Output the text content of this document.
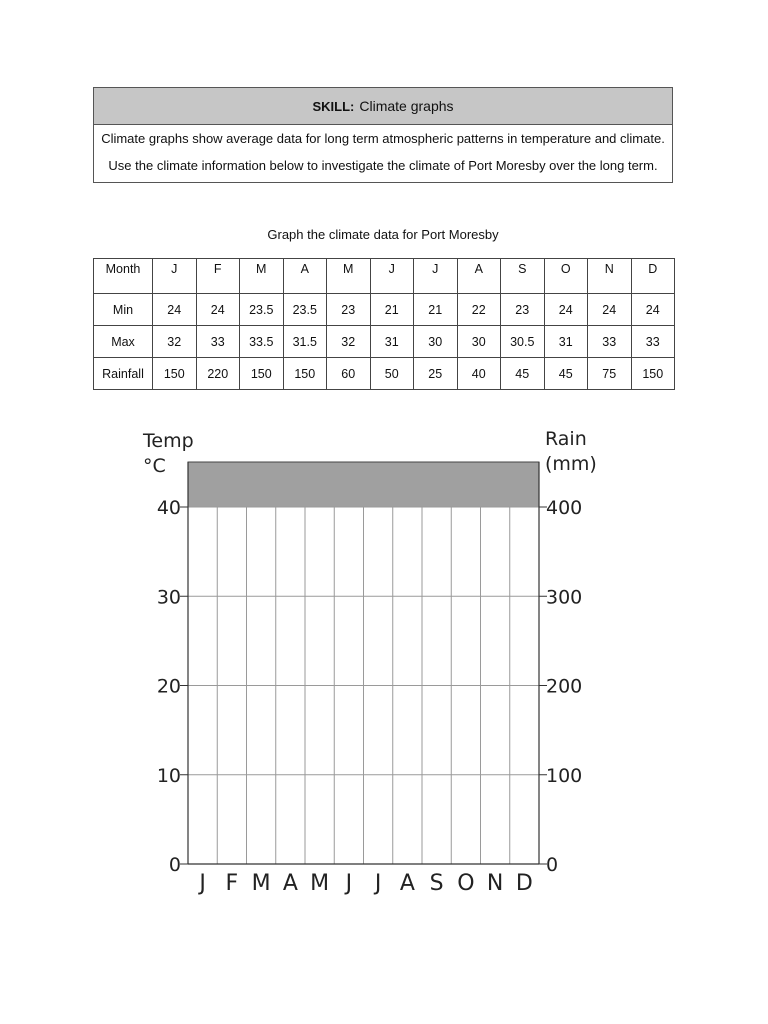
SKILL: Climate graphs

Climate graphs show average data for long term atmospheric patterns in temperature and climate.

Use the climate information below to investigate the climate of Port Moresby over the long term.

Graph the climate data for Port Moresby
Month	J	F	M	A	M	J	J	A	S	O	N	D
Min	24	24	23.5	23.5	23	21	21	22	23	24	24	24
Max	32	33	33.5	31.5	32	31	30	30	30.5	31	33	33
Rainfall	150	220	150	150	60	50	25	40	45	45	75	150
0
10
20
30
40
0
100
200
300
400
J F M A M J J A S O N D
Temp
°C
Rain
(mm)
